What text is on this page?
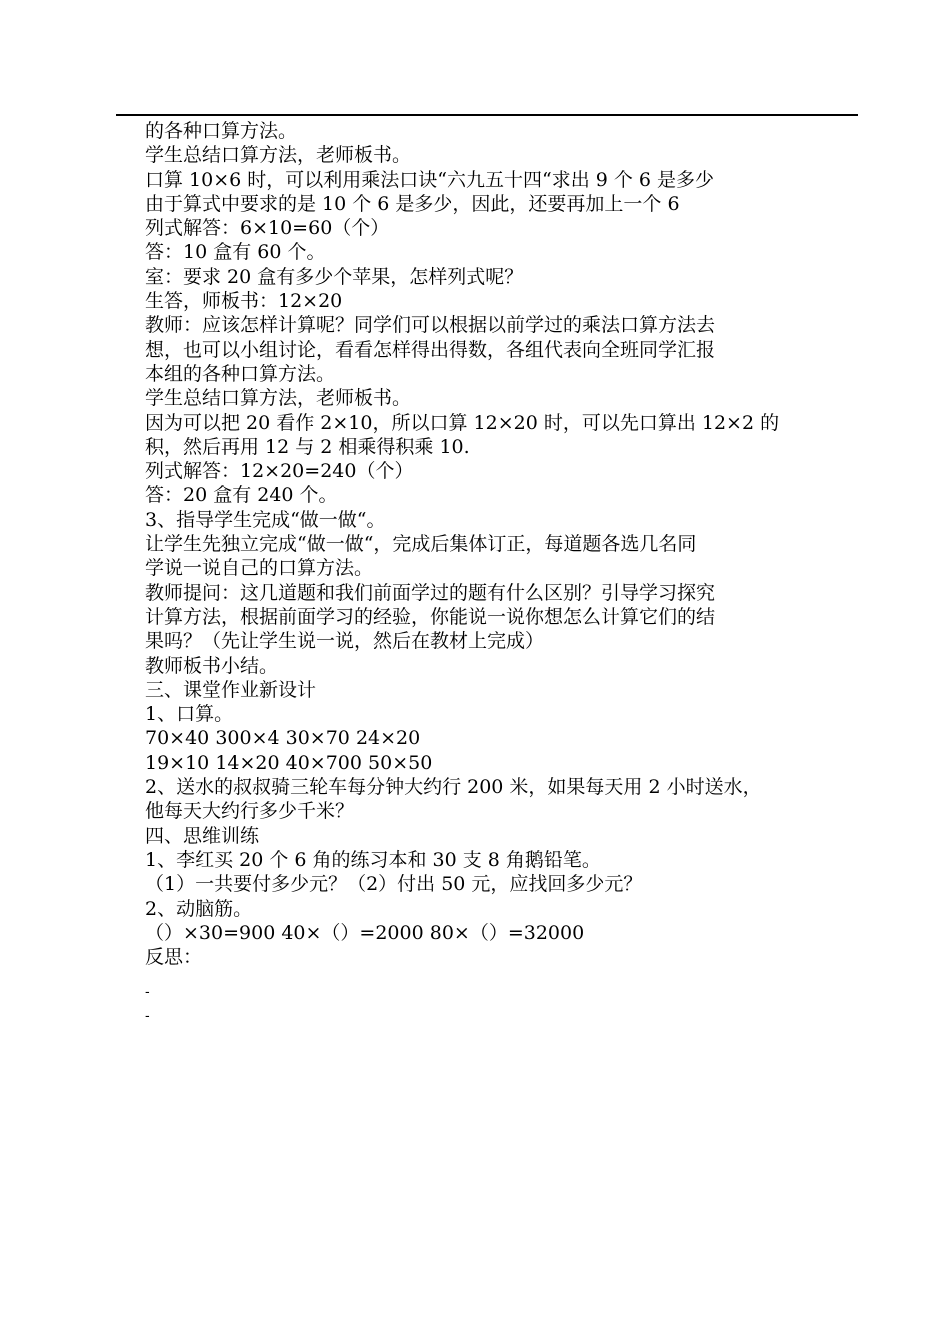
的各种口算方法。
学生总结口算方法，老师板书。
口算 10×6 时，可以利用乘法口诀“六九五十四“求出 9 个 6 是多少
由于算式中要求的是 10 个 6 是多少，因此，还要再加上一个 6
列式解答：6×10=60（个）
答：10 盒有 60 个。
室：要求 20 盒有多少个苹果，怎样列式呢？
生答，师板书：12×20
教师：应该怎样计算呢？同学们可以根据以前学过的乘法口算方法去
想，也可以小组讨论，看看怎样得出得数，各组代表向全班同学汇报
本组的各种口算方法。
学生总结口算方法，老师板书。
因为可以把 20 看作 2×10，所以口算 12×20 时，可以先口算出 12×2 的
积，然后再用 12 与 2 相乘得积乘 10.
列式解答：12×20=240（个）
答：20 盒有 240 个。
3、指导学生完成“做一做“。
让学生先独立完成“做一做“，完成后集体订正，每道题各选几名同
学说一说自己的口算方法。
教师提问：这几道题和我们前面学过的题有什么区别？引导学习探究
计算方法，根据前面学习的经验，你能说一说你想怎么计算它们的结
果吗？（先让学生说一说，然后在教材上完成）
教师板书小结。
三、课堂作业新设计
1、口算。
70×40 300×4 30×70 24×20
19×10 14×20 40×700 50×50
2、送水的叔叔骑三轮车每分钟大约行 200 米，如果每天用 2 小时送水，
他每天大约行多少千米？
四、思维训练
1、李红买 20 个 6 角的练习本和 30 支 8 角鹅铅笔。
（1）一共要付多少元？（2）付出 50 元，应找回多少元？
2、动脑筋。
（）×30=900 40×（）=2000 80×（）=32000
反思：
-
-
